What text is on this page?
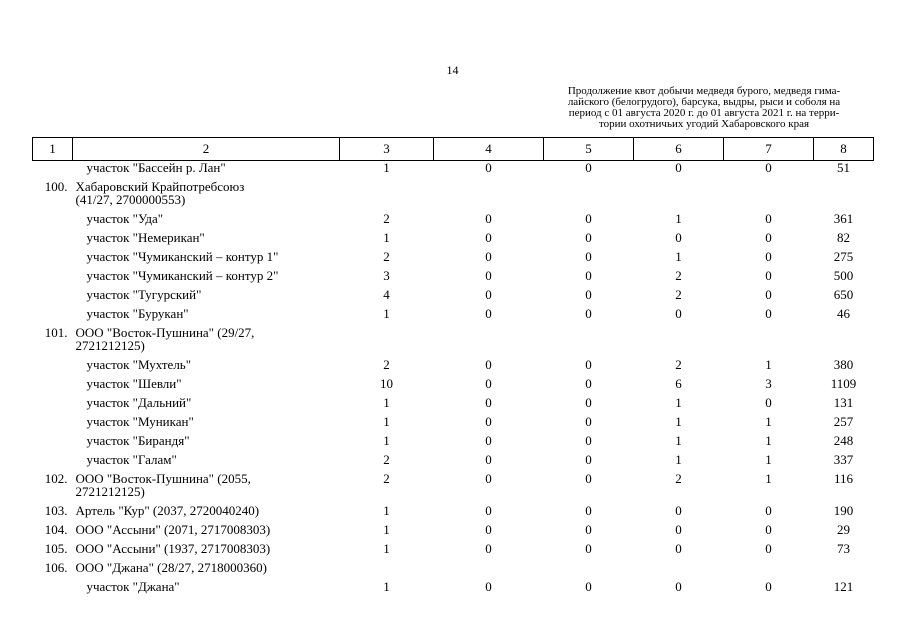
14
Продолжение квот добычи медведя бурого, медведя гима-
лайского (белогрудого), барсука, выдры, рыси и соболя на
период с 01 августа 2020 г. до 01 августа 2021 г. на терри-
тории охотничьих угодий Хабаровского края
1	2	3	4	5	6	7	8

	участок "Бассейн р. Лан"	1	0	0	0	0	51
100.	Хабаровский Крайпотребсоюз
(41/27, 2700000553)						

	участок "Уда"	2	0	0	1	0	361

	участок "Немерикан"	1	0	0	0	0	82

	участок "Чумиканский – контур 1"	2	0	0	1	0	275

	участок "Чумиканский – контур 2"	3	0	0	2	0	500

	участок "Тугурский"	4	0	0	2	0	650

	участок "Бурукан"	1	0	0	0	0	46
101.	ООО "Восток-Пушнина" (29/27,
2721212125)						

	участок "Мухтель"	2	0	0	2	1	380

	участок "Шевли"	10	0	0	6	3	1109

	участок "Дальний"	1	0	0	1	0	131

	участок "Муникан"	1	0	0	1	1	257

	участок "Бирандя"	1	0	0	1	1	248

	участок "Галам"	2	0	0	1	1	337
102.	ООО "Восток-Пушнина" (2055,
2721212125)	2	0	0	2	1	116
103.	Артель "Кур" (2037, 2720040240)	1	0	0	0	0	190
104.	ООО "Ассыни" (2071, 2717008303)	1	0	0	0	0	29
105.	ООО "Ассыни" (1937, 2717008303)	1	0	0	0	0	73
106.	ООО "Джана" (28/27, 2718000360)						

	участок "Джана"	1	0	0	0	0	121
